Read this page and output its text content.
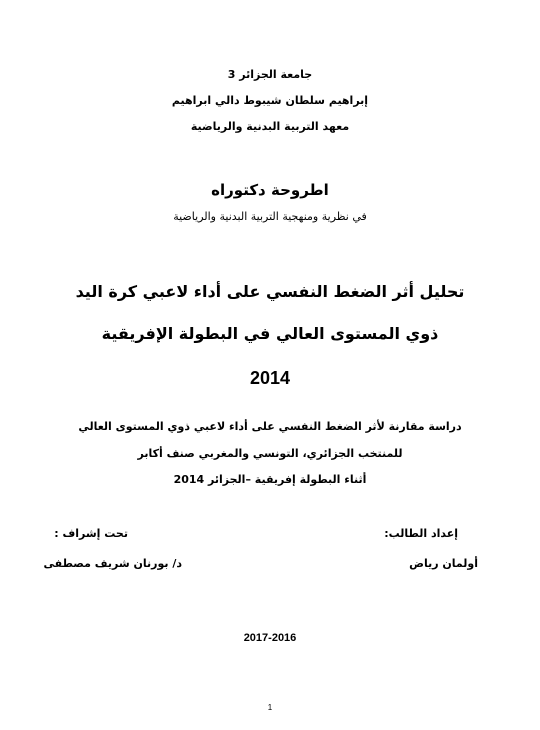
جامعة الجزائر 3
إبراهيم سلطان شيبوط دالي ابراهيم
معهد التربية البدنية والرياضية
اطروحة دكتوراه
في نظرية ومنهجية التربية البدنية والرياضية
تحليل أثر الضغط النفسي على أداء لاعبي كرة اليد
ذوي المستوى العالي في البطولة الإفريقية
2014
دراسة مقارنة لأثر الضغط النفسي على أداء لاعبي ذوي المستوى العالي
للمنتخب الجزائري، التونسي والمغربي صنف أكابر
أثناء البطولة إفريقية –الجزائر 2014
إعداد الطالب:
أولمان رياض
تحت إشراف :
د/ بورنان شريف مصطفى
2017-2016
1
